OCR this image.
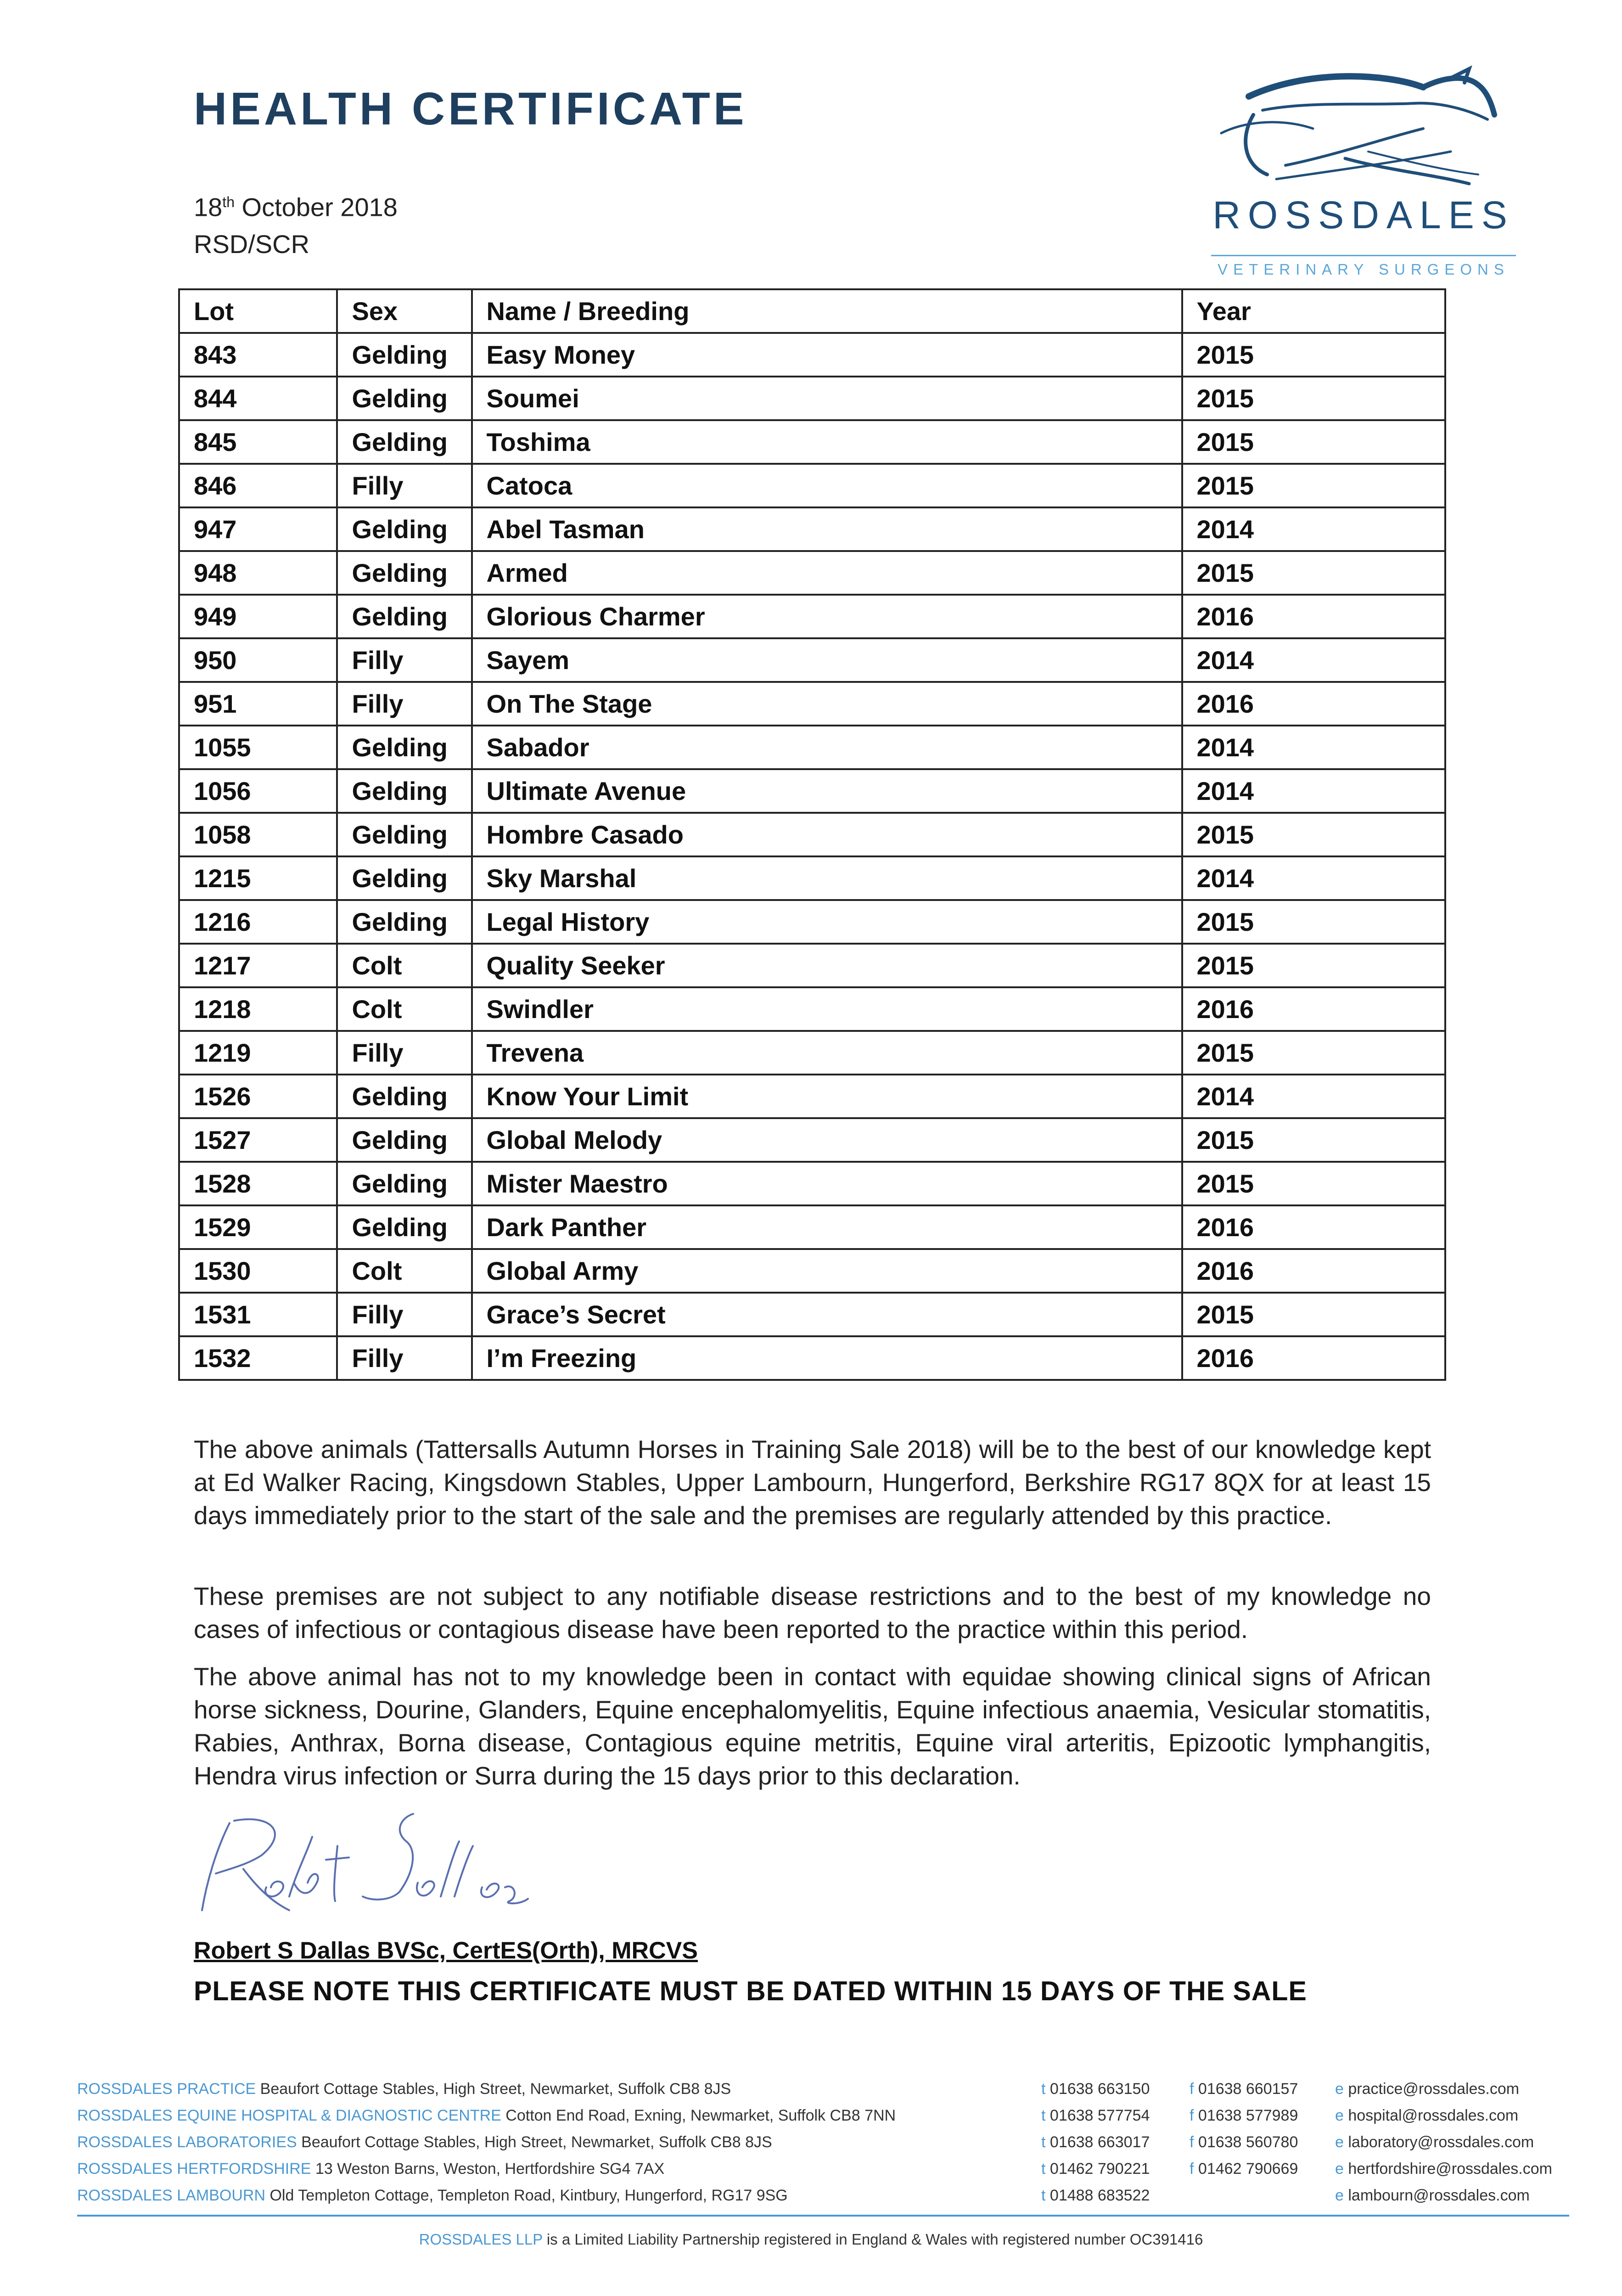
HEALTH CERTIFICATE
18th October 2018
RSD/SCR
ROSSDALES
VETERINARY SURGEONS
Lot	Sex	Name / Breeding	Year
843	Gelding	Easy Money	2015
844	Gelding	Soumei	2015
845	Gelding	Toshima	2015
846	Filly	Catoca	2015
947	Gelding	Abel Tasman	2014
948	Gelding	Armed	2015
949	Gelding	Glorious Charmer	2016
950	Filly	Sayem	2014
951	Filly	On The Stage	2016
1055	Gelding	Sabador	2014
1056	Gelding	Ultimate Avenue	2014
1058	Gelding	Hombre Casado	2015
1215	Gelding	Sky Marshal	2014
1216	Gelding	Legal History	2015
1217	Colt	Quality Seeker	2015
1218	Colt	Swindler	2016
1219	Filly	Trevena	2015
1526	Gelding	Know Your Limit	2014
1527	Gelding	Global Melody	2015
1528	Gelding	Mister Maestro	2015
1529	Gelding	Dark Panther	2016
1530	Colt	Global Army	2016
1531	Filly	Grace’s Secret	2015
1532	Filly	I’m Freezing	2016
The above animals (Tattersalls Autumn Horses in Training Sale 2018) will be to the best of our knowledge kept at Ed Walker Racing, Kingsdown Stables, Upper Lambourn, Hungerford, Berkshire RG17 8QX for at least 15 days immediately prior to the start of the sale and the premises are regularly attended by this practice.
These premises are not subject to any notifiable disease restrictions and to the best of my knowledge no cases of infectious or contagious disease have been reported to the practice within this period.
The above animal has not to my knowledge been in contact with equidae showing clinical signs of African horse sickness, Dourine, Glanders, Equine encephalomyelitis, Equine infectious anaemia, Vesicular stomatitis, Rabies, Anthrax, Borna disease, Contagious equine metritis, Equine viral arteritis, Epizootic lymphangitis, Hendra virus infection or Surra during the 15 days prior to this declaration.
Robert S Dallas BVSc, CertES(Orth), MRCVS
PLEASE NOTE THIS CERTIFICATE MUST BE DATED WITHIN 15 DAYS OF THE SALE
ROSSDALES PRACTICE Beaufort Cottage Stables, High Street, Newmarket, Suffolk CB8 8JS	t 01638 663150	f 01638 660157 e practice@rossdales.com
ROSSDALES EQUINE HOSPITAL & DIAGNOSTIC CENTRE Cotton End Road, Exning, Newmarket, Suffolk CB8 7NN	t 01638 577754	f 01638 577989 e hospital@rossdales.com
ROSSDALES LABORATORIES Beaufort Cottage Stables, High Street, Newmarket, Suffolk CB8 8JS	t 01638 663017	f 01638 560780 e laboratory@rossdales.com
ROSSDALES HERTFORDSHIRE 13 Weston Barns, Weston, Hertfordshire SG4 7AX	t 01462 790221	f 01462 790669 e hertfordshire@rossdales.com
ROSSDALES LAMBOURN Old Templeton Cottage, Templeton Road, Kintbury, Hungerford, RG17 9SG	t 01488 683522	e lambourn@rossdales.com
ROSSDALES LLP is a Limited Liability Partnership registered in England & Wales with registered number OC391416
